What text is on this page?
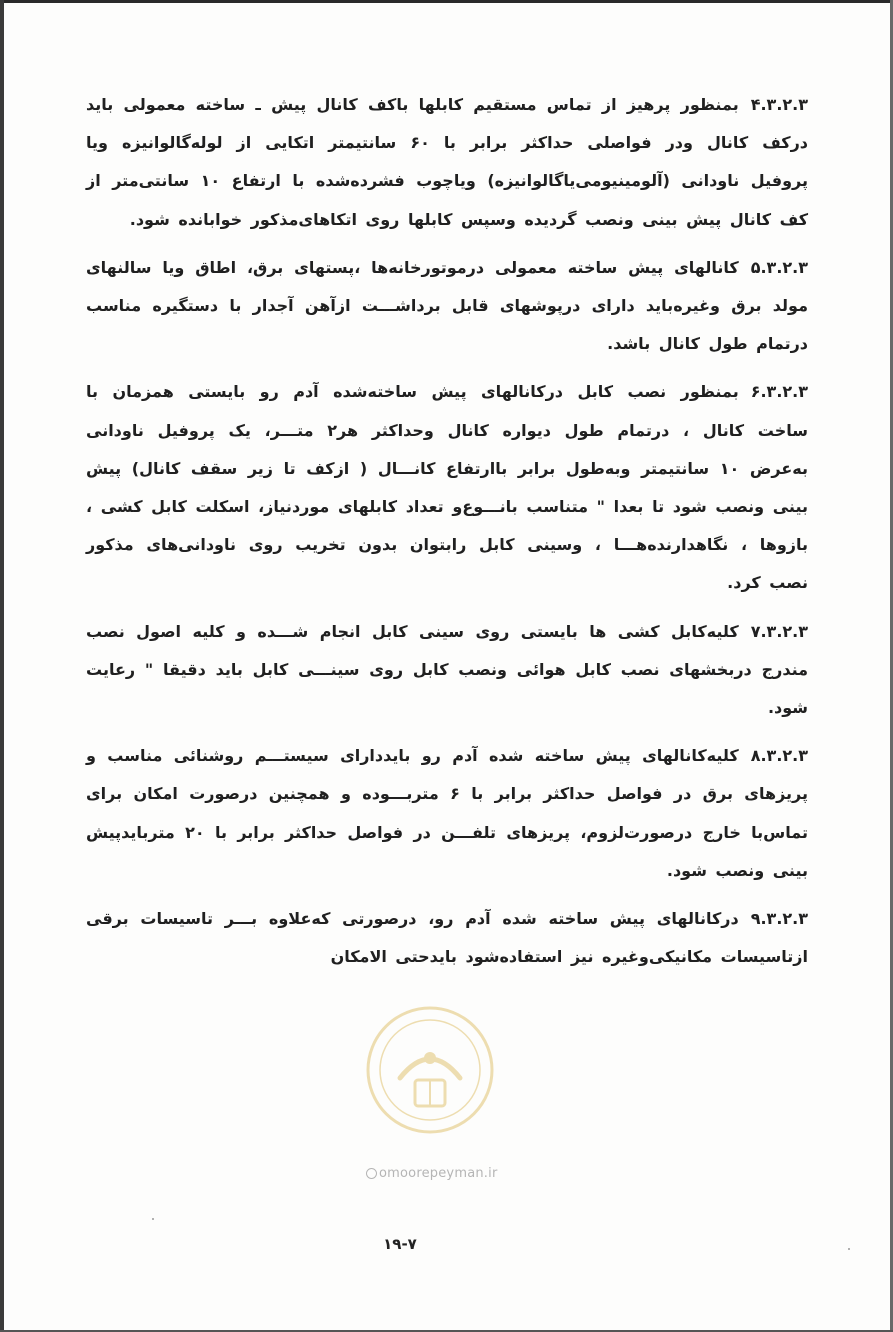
۴.۳.۲.۳بمنظور پرهیز از تماس مستقیم کابلها باکف کانال پیش ـ ساخته معمولی باید درکف کانال ودر فواصلی حداکثر برابر با ۶۰ سانتیمتر اتکایی از لوله‌گالوانیزه ویا پروفیل ناودانی (آلومینیومی‌یاگالوانیزه) ویاچوب فشرده‌شده با ارتفاع ۱۰ سانتی‌متر از کف کانال پیش بینی ونصب گردیده وسپس کابلها روی اتکاهای‌مذکور خوابانده شود.

۵.۳.۲.۳کانالهای پیش ساخته معمولی درموتورخانه‌ها ،پستهای برق، اطاق ویا سالنهای مولد برق وغیره‌باید دارای درپوشهای قابل برداشـــت ازآهن آجدار با دستگیره مناسب درتمام طول کانال باشد.

۶.۳.۲.۳بمنظور نصب کابل درکانالهای پیش ساخته‌شده آدم رو بایستی همزمان با ساخت کانال ، درتمام طول دیواره کانال وحداکثر هر۲ متـــر، یک پروفیل ناودانی به‌عرض ۱۰ سانتیمتر وبه‌طول برابر باارتفاع کانـــال ( ازکف تا زیر سقف کانال) پیش بینی ونصب شود تا بعدا " متناسب بانـــوع‌و تعداد کابلهای موردنیاز، اسکلت کابل کشی ، بازوها ، نگاهدارنده‌هـــا ، وسینی کابل رابتوان بدون تخریب روی ناودانی‌های مذکور نصب کرد.

۷.۳.۲.۳کلیه‌کابل کشی ها بایستی روی سینی کابل انجام شـــده و کلیه اصول نصب مندرج دربخشهای نصب کابل هوائی ونصب کابل روی سینـــی کابل باید دقیقا " رعایت شود.

۸.۳.۲.۳کلیه‌کانالهای پیش ساخته شده آدم رو بایددارای سیستـــم روشنائی مناسب و پریزهای برق در فواصل حداکثر برابر با ۶ متربـــوده و همچنین درصورت امکان برای تماس‌با خارج درصورت‌لزوم، پریزهای تلفـــن در فواصل حداکثر برابر با ۲۰ متربایدپیش بینی ونصب شود.

۹.۳.۲.۳درکانالهای پیش ساخته شده آدم رو، درصورتی که‌علاوه بـــر تاسیسات برقی ازتاسیسات مکانیکی‌وغیره نیز استفاده‌شود بایدحتی الامکان

omoorepeyman.ir
۱۹-۷
